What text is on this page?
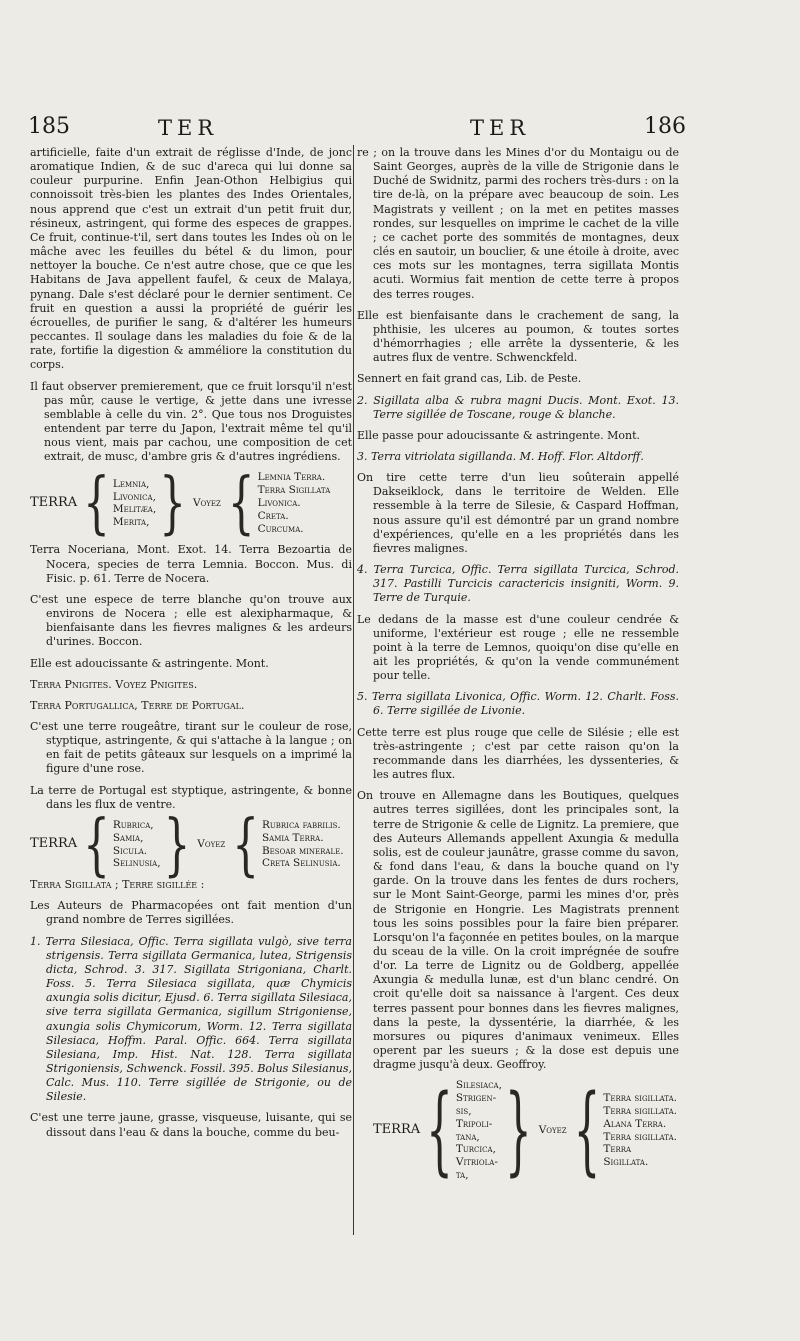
185	TER	TER	186

artificielle, faite d'un extrait de réglisse d'Inde, de jonc aromatique Indien, & de suc d'areca qui lui donne sa couleur purpurine. Enfin Jean-Othon Helbigius qui connoissoit très-bien les plantes des Indes Orientales, nous apprend que c'est un extrait d'un petit fruit dur, résineux, astringent, qui forme des especes de grappes. Ce fruit, continue-t'il, sert dans toutes les Indes où on le mâche avec les feuilles du bétel & du limon, pour nettoyer la bouche. Ce n'est autre chose, que ce que les Habitans de Java appellent faufel, & ceux de Malaya, pynang. Dale s'est déclaré pour le dernier sentiment. Ce fruit en question a aussi la propriété de guérir les écrouelles, de purifier le sang, & d'altérer les humeurs peccantes. Il soulage dans les maladies du foie & de la rate, fortifie la digestion & amméliore la constitution du corps.

Il faut observer premierement, que ce fruit lorsqu'il n'est pas mûr, cause le vertige, & jette dans une ivresse semblable à celle du vin. 2°. Que tous nos Droguistes entendent par terre du Japon, l'extrait même tel qu'il nous vient, mais par cachou, une composition de cet extrait, de musc, d'ambre gris & d'autres ingrédiens.

TERRA { Lemnia,
Livonica,
Melitæa,
Merita, } Voyez { Lemnia Terra.
Terra Sigillata
Livonica.
Creta.
Curcuma.

Terra Nocerіana, Mont. Exot. 14. Terra Bezoartia de Nocera, species de terra Lemnia. Boccon. Mus. di Fisic. p. 61. Terre de Nocera.

C'est une espece de terre blanche qu'on trouve aux environs de Nocera ; elle est alexipharmaque, & bienfaisante dans les fievres malignes & les ardeurs d'urines. Boccon.

Elle est adoucissante & astringente. Mont.

Terra Pnigites. Voyez Pnigites.

Terra Portugallica, Terre de Portugal.

C'est une terre rougeâtre, tirant sur le couleur de rose, styptique, astringente, & qui s'attache à la langue ; on en fait de petits gâteaux sur lesquels on a imprimé la figure d'une rose.

La terre de Portugal est styptique, astringente, & bonne dans les flux de ventre.

TERRA { Rubrica,
Samia,
Sicula.
Selinusia, } Voyez { Rubrica fabrilis.
Samia Terra.
Besoar minerale.
Creta Selinusia.

Terra Sigillata ; Terre sigillée :

Les Auteurs de Pharmacopées ont fait mention d'un grand nombre de Terres sigillées.

1. Terra Silesiaca, Offic. Terra sigillata vulgò, sive terra strigensis. Terra sigillata Germanica, lutea, Strigensis dicta, Schrod. 3. 317. Sigillata Strigoniana, Charlt. Foss. 5. Terra Silesiaca sigillata, quæ Chymicis axungia solis dicitur, Ejusd. 6. Terra sigillata Silesiaca, sive terra sigillata Germanica, sigillum Strigoniense, axungia solis Chymicorum, Worm. 12. Terra sigillata Silesiaca, Hoffm. Paral. Offic. 664. Terra sigillata Silesiana, Imp. Hist. Nat. 128. Terra sigillata Strigoniensis, Schwenck. Fossil. 395. Bolus Silesianus, Calc. Mus. 110. Terre sigillée de Strigonie, ou de Silesie.

C'est une terre jaune, grasse, visqueuse, luisante, qui se dissout dans l'eau & dans la bouche, comme du beu-

re ; on la trouve dans les Mines d'or du Montaigu ou de Saint Georges, auprès de la ville de Strigonie dans le Duché de Swidnitz, parmi des rochers très-durs : on la tire de-là, on la prépare avec beaucoup de soin. Les Magistrats y veillent ; on la met en petites masses rondes, sur lesquelles on imprime le cachet de la ville ; ce cachet porte des sommités de montagnes, deux clés en sautoir, un bouclier, & une étoile à droite, avec ces mots sur les montagnes, terra sigillata Montis acuti. Wormius fait mention de cette terre à propos des terres rouges.

Elle est bienfaisante dans le crachement de sang, la phthisie, les ulceres au poumon, & toutes sortes d'hémorrhagies ; elle arrête la dyssenterie, & les autres flux de ventre. Schwenckfeld.

Sennert en fait grand cas, Lib. de Peste.

2. Sigillata alba & rubra magni Ducis. Mont. Exot. 13. Terre sigillée de Toscane, rouge & blanche.

Elle passe pour adoucissante & astringente. Mont.

3. Terra vitriolata sigillanda. M. Hoff. Flor. Altdorff.

On tire cette terre d'un lieu soûterain appellé Dakseiklock, dans le territoire de Welden. Elle ressemble à la terre de Silesie, & Caspard Hoffman, nous assure qu'il est démontré par un grand nombre d'expériences, qu'elle en a les propriétés dans les fievres malignes.

4. Terra Turcica, Offic. Terra sigillata Turcica, Schrod. 317. Pastilli Turcicis caractericis insigniti, Worm. 9. Terre de Turquie.

Le dedans de la masse est d'une couleur cendrée & uniforme, l'extérieur est rouge ; elle ne ressemble point à la terre de Lemnos, quoiqu'on dise qu'elle en ait les propriétés, & qu'on la vende communément pour telle.

5. Terra sigillata Livonica, Offic. Worm. 12. Charlt. Foss. 6. Terre sigillée de Livonie.

Cette terre est plus rouge que celle de Silésie ; elle est très-astringente ; c'est par cette raison qu'on la recommande dans les diarrhées, les dyssenteries, & les autres flux.

On trouve en Allemagne dans les Boutiques, quelques autres terres sigillées, dont les principales sont, la terre de Strigonie & celle de Lignitz. La premiere, que des Auteurs Allemands appellent Axungia & medulla solis, est de couleur jaunâtre, grasse comme du savon, & fond dans l'eau, & dans la bouche quand on l'y garde. On la trouve dans les fentes de durs rochers, sur le Mont Saint-George, parmi les mines d'or, près de Strigonie en Hongrie. Les Magistrats prennent tous les soins possibles pour la faire bien préparer. Lorsqu'on l'a façonnée en petites boules, on la marque du sceau de la ville. On la croit imprégnée de soufre d'or. La terre de Lignitz ou de Goldberg, appellée Axungia & medulla lunæ, est d'un blanc cendré. On croit qu'elle doit sa naissance à l'argent. Ces deux terres passent pour bonnes dans les fievres malignes, dans la peste, la dyssentérie, la diarrhée, & les morsures ou piqures d'animaux venimeux. Elles operent par les sueurs ; & la dose est depuis une dragme jusqu'à deux. Geoffroy.

TERRA { Silesiaca,
Strigen-
sis,
Tripoli-
tana,
Turcica,
Vitriola-
ta, } Voyez { Terra sigillata.
Terra sigillata.
Alana Terra.
Terra sigillata.
Terra Sigillata.
